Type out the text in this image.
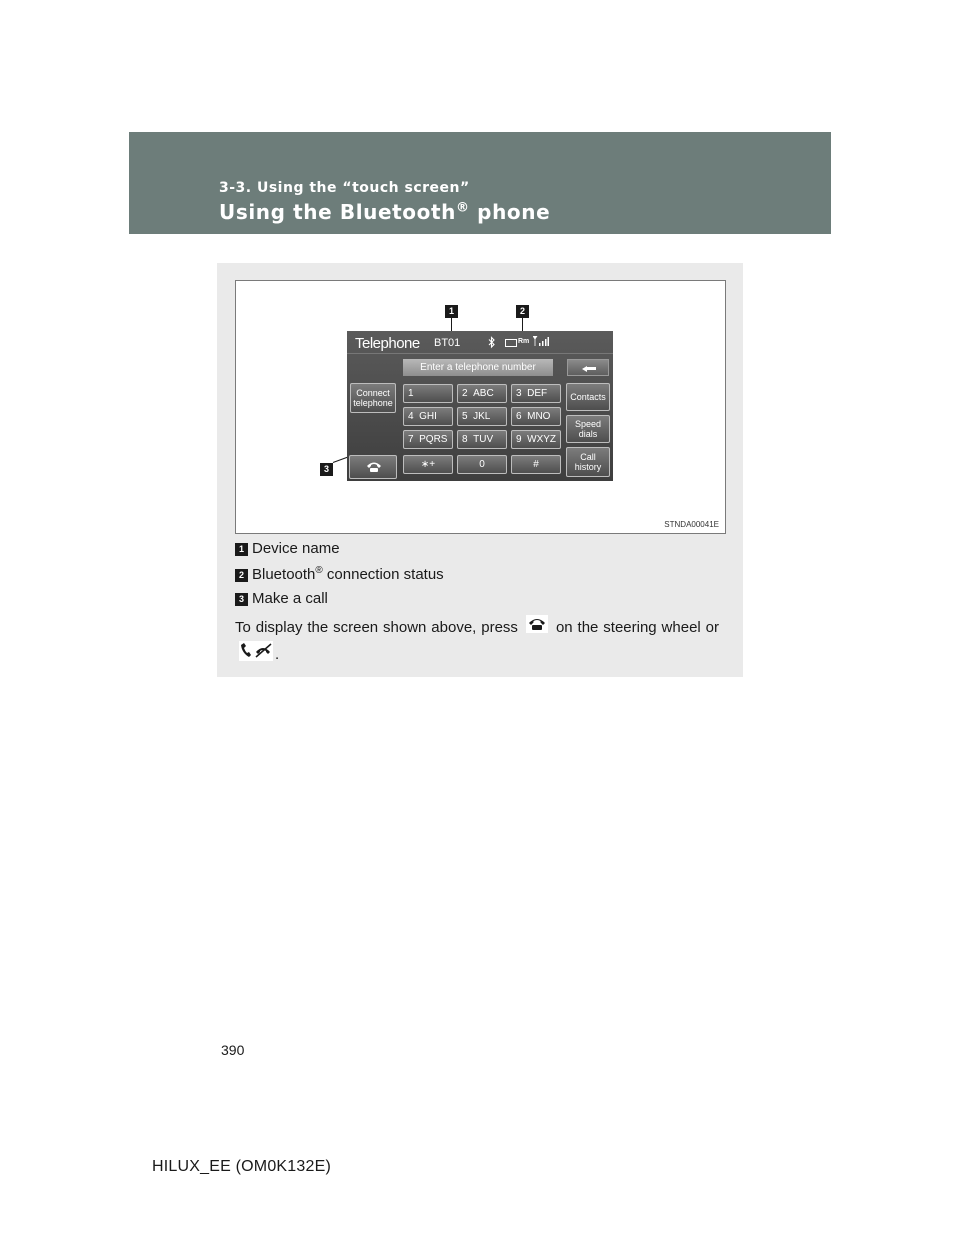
3-3. Using the “touch screen”
Using the Bluetooth® phone
1	2
3
Telephone BT01	Rm
Enter a telephone number
Connect telephone
1	2 ABC	3 DEF
4 GHI	5 JKL	6 MNO
7 PQRS	8 TUV	9 WXYZ
∗+	0	#
Contacts
Speed dials
Call history
STNDA00041E
1 Device name
2 Bluetooth® connection status
3 Make a call
To display the screen shown above, press	on the steering wheel or.
390
HILUX_EE (OM0K132E)
